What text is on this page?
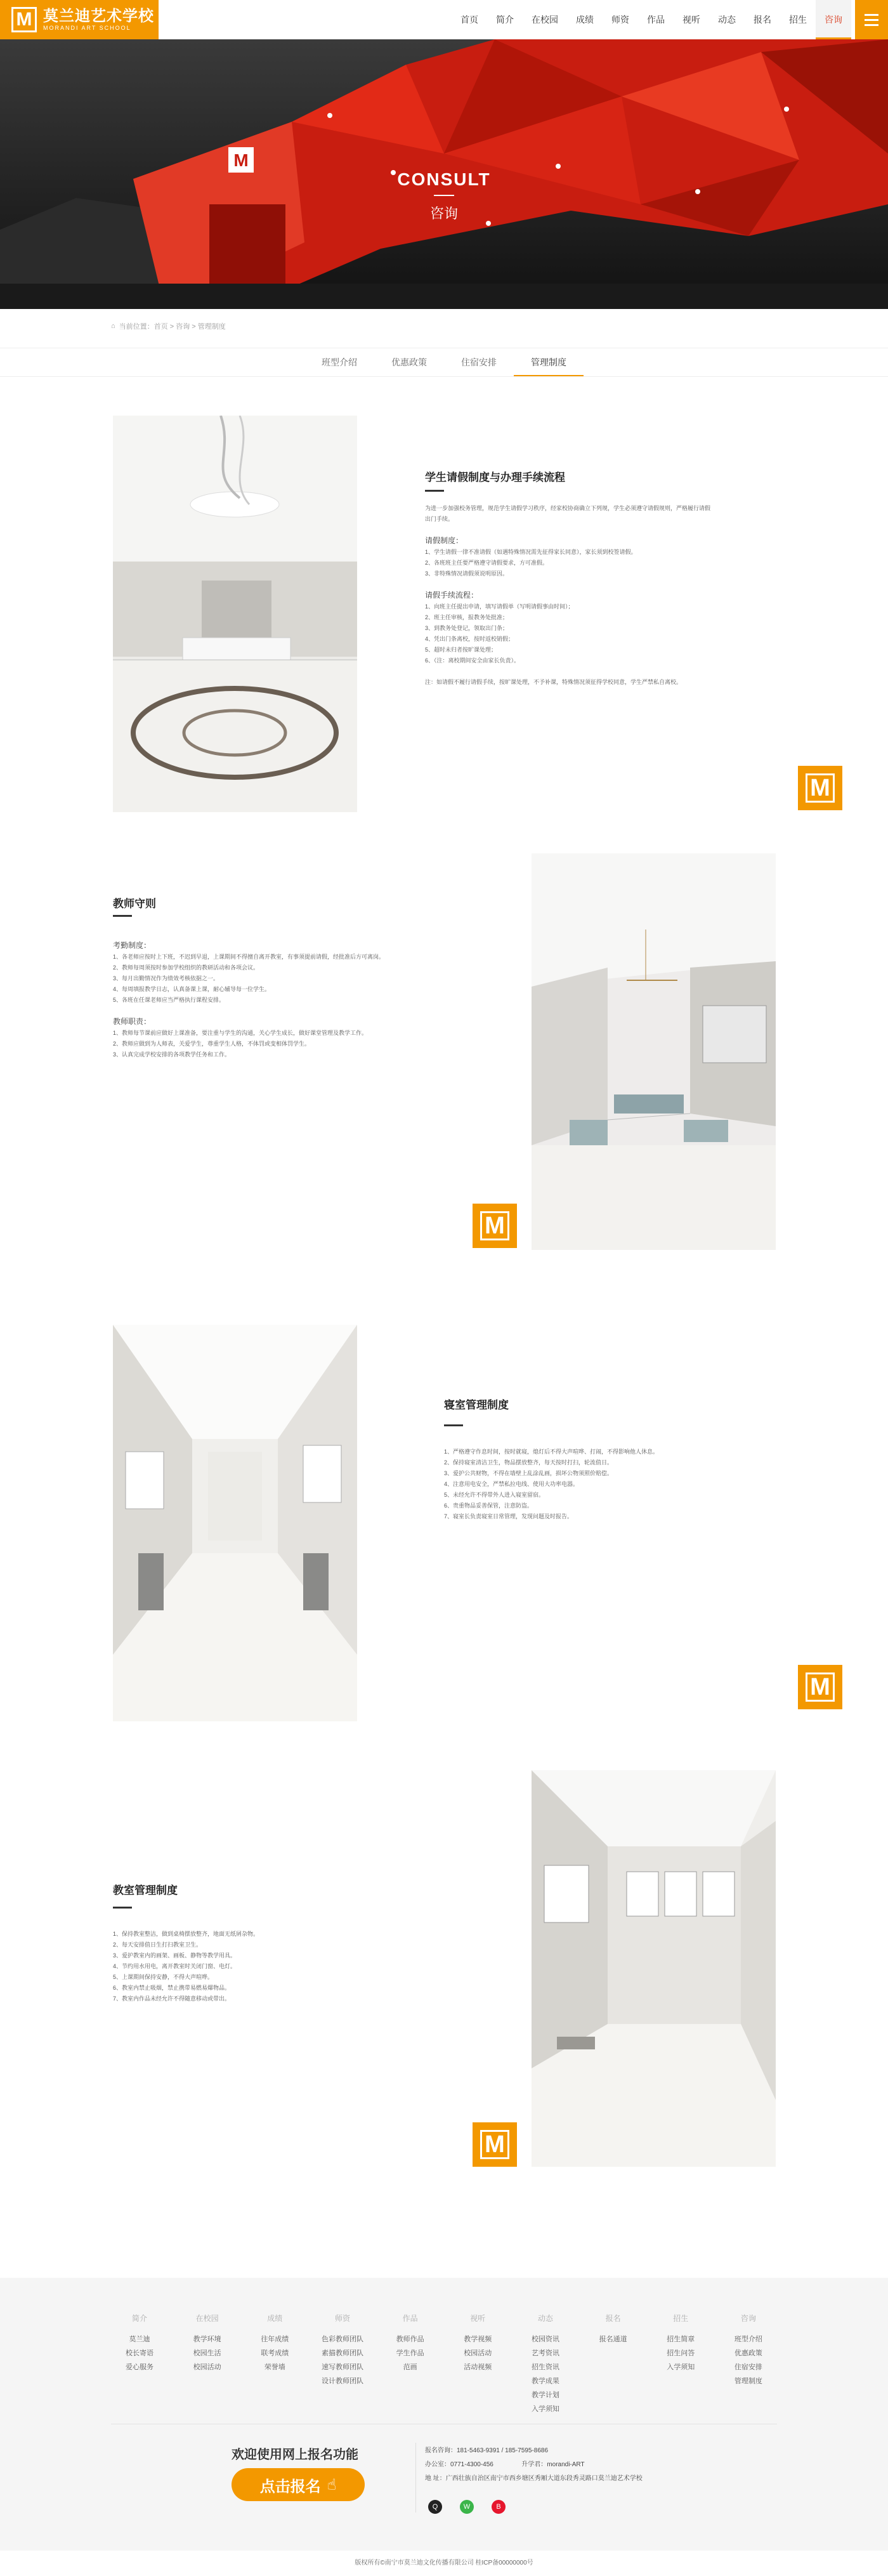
M 莫兰迪艺术学校
MORANDI ART SCHOOL
首页	简介	在校园	成绩	师资	作品	视听	动态	报名	招生	咨询
M
CONSULT
咨询
⌂ 当前位置：首页 > 咨询 > 管理制度
班型介绍	优惠政策	住宿安排	管理制度
学生请假制度与办理手续流程
为进一步加强校务管理，规范学生请假学习秩序，经家校协商确立下列规，学生必须遵守请假规则，严格履行请假出门手续。

请假制度：
1、学生请假一律不准请假（如遇特殊情况需先征得家长同意），家长须到校签请假。
2、各班班主任要严格遵守请假要求，方可准假。
3、非特殊情况请假须说明原因。

请假手续流程：
1、向班主任提出申请，填写请假单（写明请假事由时间）；
2、班主任审核，报教务处批准；
3、到教务处登记，领取出门条；
4、凭出门条离校，按时返校销假；
5、超时未归者按旷课处理；
6、（注：离校期间安全由家长负责）。

注：如请假不履行请假手续，按旷课处理，不予补课，特殊情况须征得学校同意，学生严禁私自离校。
M
教师守则
考勤制度：
1、各老师应按时上下班，不迟到早退，上课期间不得擅自离开教室，有事须提前请假，经批准后方可离岗。
2、教师每周须按时参加学校组织的教研活动和各项会议。
3、每月出勤情况作为绩效考核依据之一。
4、每周填报教学日志，认真备课上课，耐心辅导每一位学生。
5、各班在任课老师应当严格执行课程安排。

教师职责：
1、教师每节课前应做好上课准备，要注重与学生的沟通，关心学生成长，做好课堂管理及教学工作。
2、教师应做到为人师表，关爱学生，尊重学生人格，不体罚或变相体罚学生。
3、认真完成学校安排的各项教学任务和工作。
M
寝室管理制度
1、严格遵守作息时间，按时就寝，熄灯后不得大声喧哗、打闹，不得影响他人休息。
2、保持寝室清洁卫生，物品摆放整齐，每天按时打扫，轮流值日。
3、爱护公共财物，不得在墙壁上乱涂乱画，损坏公物须照价赔偿。
4、注意用电安全，严禁私拉电线、使用大功率电器。
5、未经允许不得带外人进入寝室留宿。
6、贵重物品妥善保管，注意防盗。
7、寝室长负责寝室日常管理，发现问题及时报告。
M
教室管理制度
1、保持教室整洁，做到桌椅摆放整齐，地面无纸屑杂物。
2、每天安排值日生打扫教室卫生。
3、爱护教室内的画架、画板、静物等教学用具。
4、节约用水用电，离开教室时关闭门窗、电灯。
5、上课期间保持安静，不得大声喧哗。
6、教室内禁止吸烟，禁止携带易燃易爆物品。
7、教室内作品未经允许不得随意移动或带出。
M
简介
莫兰迪
校长寄语
爱心服务
在校园
教学环境
校园生活
校园活动
成绩
往年成绩
联考成绩
荣誉墙
师资
色彩教师团队
素描教师团队
速写教师团队
设计教师团队
作品
教师作品
学生作品
范画
视听
教学视频
校园活动
活动视频
动态
校园资讯
艺考资讯
招生资讯
教学成果
教学计划
入学须知
报名
报名通道
招生
招生简章
招生问答
入学须知
咨询
班型介绍
优惠政策
住宿安排
管理制度
欢迎使用网上报名功能
点击报名 ☝
报名咨询：181-5463-9391 / 185-7595-8686
办公室：0771-4300-456	升学君：morandi-ART
地 址：广西壮族自治区南宁市西乡塘区秀厢大道东段秀灵路口莫兰迪艺术学校
Q	W	B
版权所有©南宁市莫兰迪文化传播有限公司 桂ICP备00000000号
